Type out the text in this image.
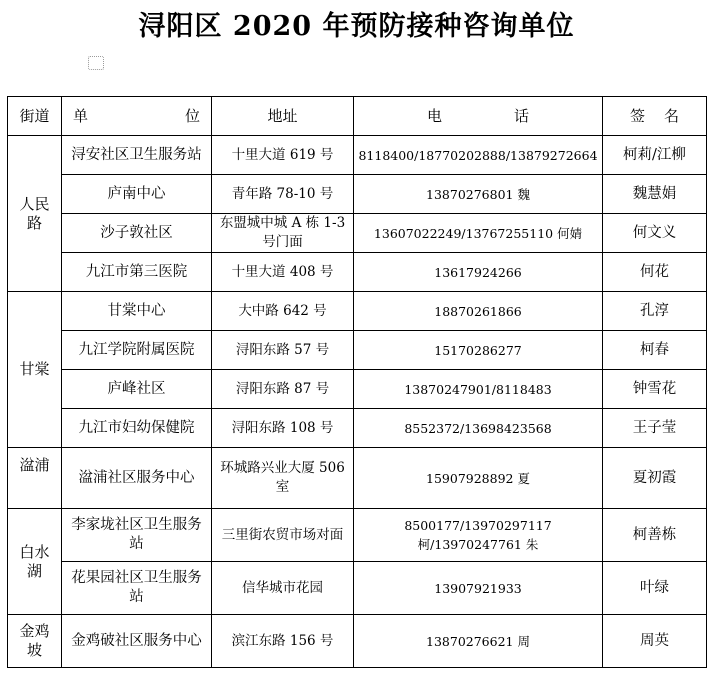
浔阳区 2020 年预防接种咨询单位
街道	单 位	地址	电 话	签 名

人民路	浔安社区卫生服务站	十里大道 619 号	8118400/18770202888/13879272664	柯莉/江柳
	庐南中心	青年路 78-10 号	13870276801 魏	魏慧娟
	沙子敦社区	东盟城中城 A 栋 1-3 号门面	13607022249/13767255110 何婧	何文义
	九江市第三医院	十里大道 408 号	13617924266	何花
甘棠	甘棠中心	大中路 642 号	18870261866	孔淳
	九江学院附属医院	浔阳东路 57 号	15170286277	柯春
	庐峰社区	浔阳东路 87 号	13870247901/8118483	钟雪花
	九江市妇幼保健院	浔阳东路 108 号	8552372/13698423568	王子莹
湓浦	湓浦社区服务中心	环城路兴业大厦 506 室	15907928892 夏	夏初霞
白水湖	李家垅社区卫生服务站	三里街农贸市场对面	8500177/13970297117 柯/13970247761 朱	柯善栋
	花果园社区卫生服务站	信华城市花园	13907921933	叶绿
金鸡坡	金鸡破社区服务中心	滨江东路 156 号	13870276621 周	周英
